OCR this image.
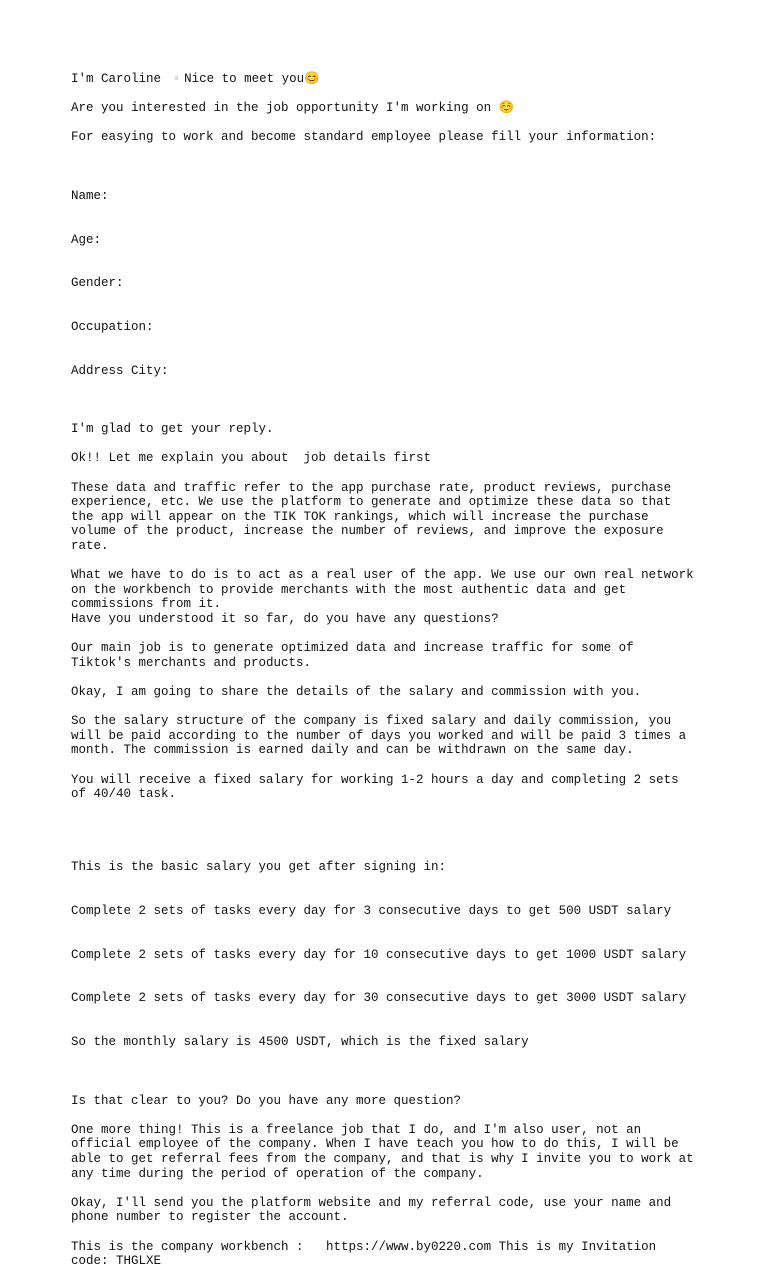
I'm Caroline ▫️Nice to meet you😊

Are you interested in the job opportunity I'm working on ☺️

For easying to work and become standard employee please fill your information:

Name:

Age:

Gender:

Occupation:

Address City:

I'm glad to get your reply.

Ok!! Let me explain you about  job details first

These data and traffic refer to the app purchase rate, product reviews, purchase
experience, etc. We use the platform to generate and optimize these data so that
the app will appear on the TIK TOK rankings, which will increase the purchase
volume of the product, increase the number of reviews, and improve the exposure
rate.

What we have to do is to act as a real user of the app. We use our own real network
on the workbench to provide merchants with the most authentic data and get
commissions from it.
Have you understood it so far, do you have any questions?

Our main job is to generate optimized data and increase traffic for some of
Tiktok's merchants and products.

Okay, I am going to share the details of the salary and commission with you.

So the salary structure of the company is fixed salary and daily commission, you
will be paid according to the number of days you worked and will be paid 3 times a
month. The commission is earned daily and can be withdrawn on the same day.

You will receive a fixed salary for working 1-2 hours a day and completing 2 sets
of 40/40 task.

This is the basic salary you get after signing in:

Complete 2 sets of tasks every day for 3 consecutive days to get 500 USDT salary

Complete 2 sets of tasks every day for 10 consecutive days to get 1000 USDT salary

Complete 2 sets of tasks every day for 30 consecutive days to get 3000 USDT salary

So the monthly salary is 4500 USDT, which is the fixed salary

Is that clear to you? Do you have any more question?

One more thing! This is a freelance job that I do, and I'm also user, not an
official employee of the company. When I have teach you how to do this, I will be
able to get referral fees from the company, and that is why I invite you to work at
any time during the period of operation of the company.

Okay, I'll send you the platform website and my referral code, use your name and
phone number to register the account.

This is the company workbench :   https://www.by0220.com This is my Invitation
code: THGLXE
